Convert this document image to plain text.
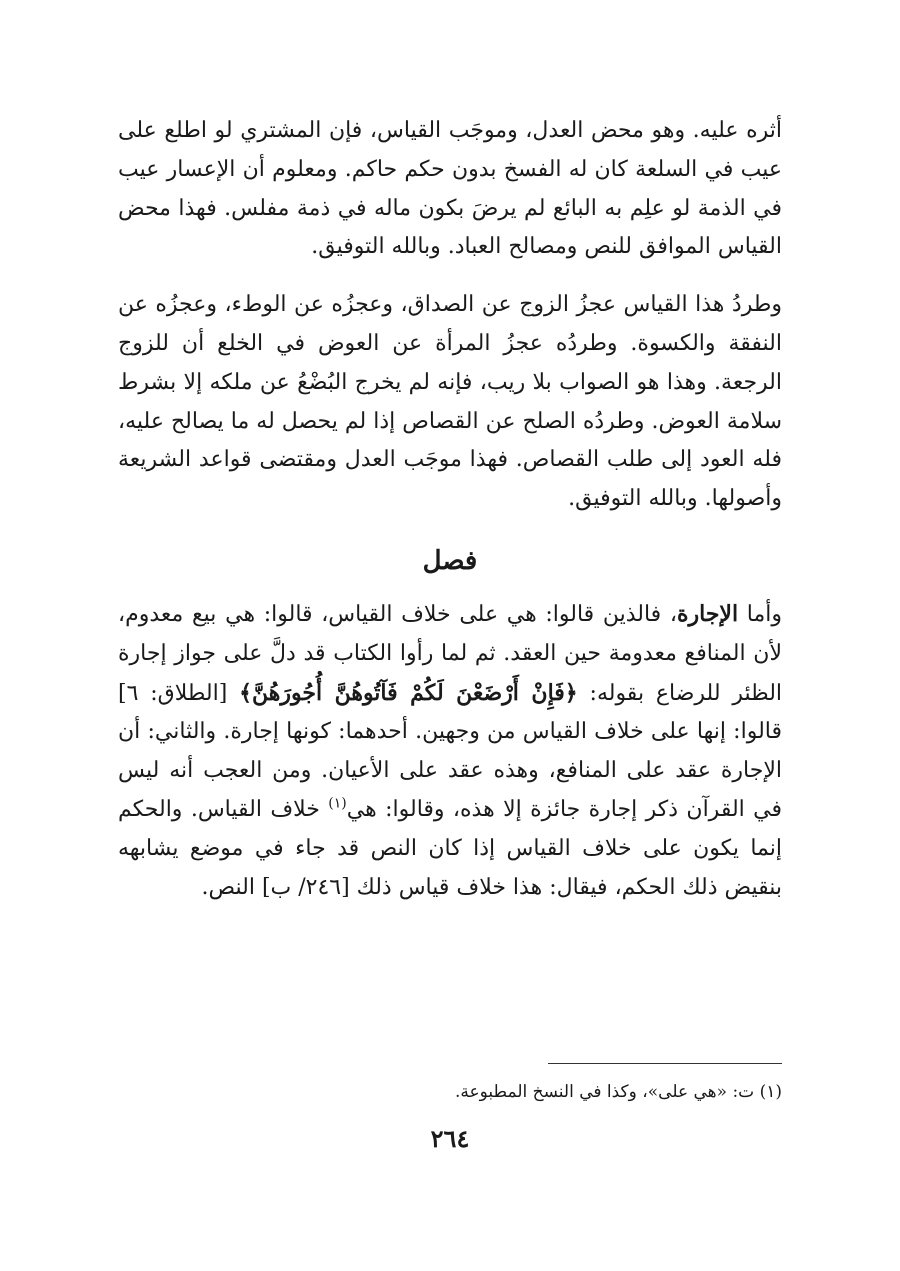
أثره عليه. وهو محض العدل، وموجَب القياس، فإن المشتري لو اطلع على عيب في السلعة كان له الفسخ بدون حكم حاكم. ومعلوم أن الإعسار عيب في الذمة لو علِم به البائع لم يرضَ بكون ماله في ذمة مفلس. فهذا محض القياس الموافق للنص ومصالح العباد. وبالله التوفيق.

وطردُ هذا القياس عجزُ الزوج عن الصداق، وعجزُه عن الوطء، وعجزُه عن النفقة والكسوة. وطردُه عجزُ المرأة عن العوض في الخلع أن للزوج الرجعة. وهذا هو الصواب بلا ريب، فإنه لم يخرج البُضْعُ عن ملكه إلا بشرط سلامة العوض. وطردُه الصلح عن القصاص إذا لم يحصل له ما يصالح عليه، فله العود إلى طلب القصاص. فهذا موجَب العدل ومقتضى قواعد الشريعة وأصولها. وبالله التوفيق.

فصل

وأما الإجارة، فالذين قالوا: هي على خلاف القياس، قالوا: هي بيع معدوم، لأن المنافع معدومة حين العقد. ثم لما رأوا الكتاب قد دلَّ على جواز إجارة الظئر للرضاع بقوله: ﴿فَإِنْ أَرْضَعْنَ لَكُمْ فَآتُوهُنَّ أُجُورَهُنَّ﴾ [الطلاق: ٦] قالوا: إنها على خلاف القياس من وجهين. أحدهما: كونها إجارة. والثاني: أن الإجارة عقد على المنافع، وهذه عقد على الأعيان. ومن العجب أنه ليس في القرآن ذكر إجارة جائزة إلا هذه، وقالوا: هي$^{(١)}$ خلاف القياس. والحكم إنما يكون على خلاف القياس إذا كان النص قد جاء في موضع يشابهه بنقيض ذلك الحكم، فيقال: هذا خلاف قياس ذلك [٢٤٦/ ب] النص.

(١) ت: «هي على»، وكذا في النسخ المطبوعة.
٢٦٤
